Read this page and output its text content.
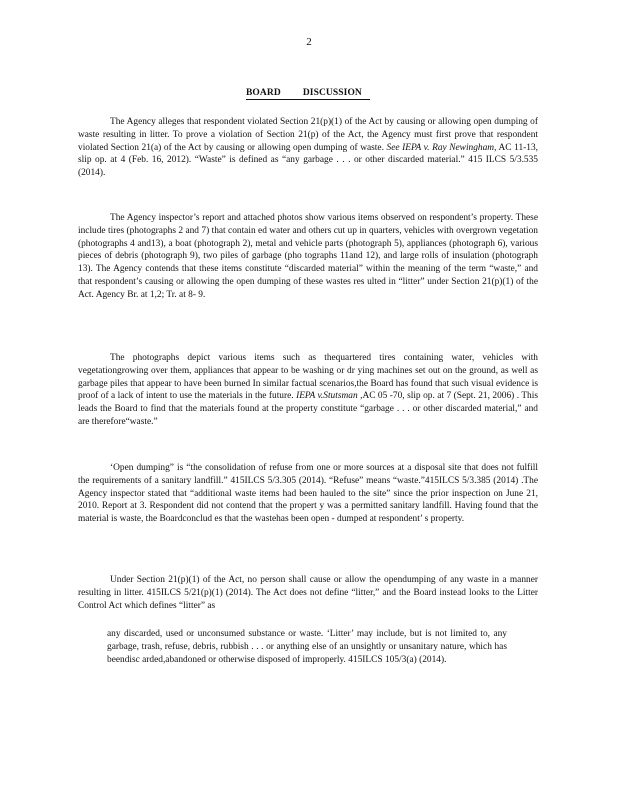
2
BOARD DISCUSSION

The Agency alleges that respondent violated Section 21(p)(1) of the Act by causing or allowing open dumping of waste resulting in litter. To prove a violation of Section 21(p) of the Act, the Agency must first prove that respondent violated Section 21(a) of the Act by causing or allowing open dumping of waste. See IEPA v. Ray Newingham, AC 11-13, slip op. at 4 (Feb. 16, 2012). “Waste” is defined as “any garbage . . . or other discarded material.” 415 ILCS 5/3.535 (2014).

The Agency inspector’s report and attached photos show various items observed on respondent’s property. These include tires (photographs 2 and 7) that contain ed water and others cut up in quarters, vehicles with overgrown vegetation (photographs 4 and13), a boat (photograph 2), metal and vehicle parts (photograph 5), appliances (photograph 6), various pieces of debris (photograph 9), two piles of garbage (pho tographs 11and 12), and large rolls of insulation (photograph 13). The Agency contends that these items constitute “discarded material” within the meaning of the term “waste,” and that respondent’s causing or allowing the open dumping of these wastes res ulted in “litter” under Section 21(p)(1) of the Act. Agency Br. at 1,2; Tr. at 8- 9.

The photographs depict various items such as thequartered tires containing water, vehicles with vegetationgrowing over them, appliances that appear to be washing or dr ying machines set out on the ground, as well as garbage piles that appear to have been burned In similar factual scenarios,the Board has found that such visual evidence is proof of a lack of intent to use the materials in the future. IEPA v.Stutsman ,AC 05 -70, slip op. at 7 (Sept. 21, 2006) . This leads the Board to find that the materials found at the property constitute “garbage . . . or other discarded material,” and are therefore“waste.”

‘Open dumping” is “the consolidation of refuse from one or more sources at a disposal site that does not fulfill the requirements of a sanitary landfill.” 415ILCS 5/3.305 (2014). “Refuse” means “waste.”415ILCS 5/3.385 (2014) .The Agency inspector stated that “additional waste items had been hauled to the site” since the prior inspection on June 21, 2010. Report at 3. Respondent did not contend that the propert y was a permitted sanitary landfill. Having found that the material is waste, the Boardconclud es that the wastehas been open - dumped at respondent’ s property.

Under Section 21(p)(1) of the Act, no person shall cause or allow the opendumping of any waste in a manner resulting in litter. 415ILCS 5/21(p)(1) (2014). The Act does not define “litter,” and the Board instead looks to the Litter Control Act which defines “litter” as

any discarded, used or unconsumed substance or waste. ‘Litter’ may include, but is not limited to, any garbage, trash, refuse, debris, rubbish . . . or anything else of an unsightly or unsanitary nature, which has beendisc arded,abandoned or otherwise disposed of improperly. 415ILCS 105/3(a) (2014).
